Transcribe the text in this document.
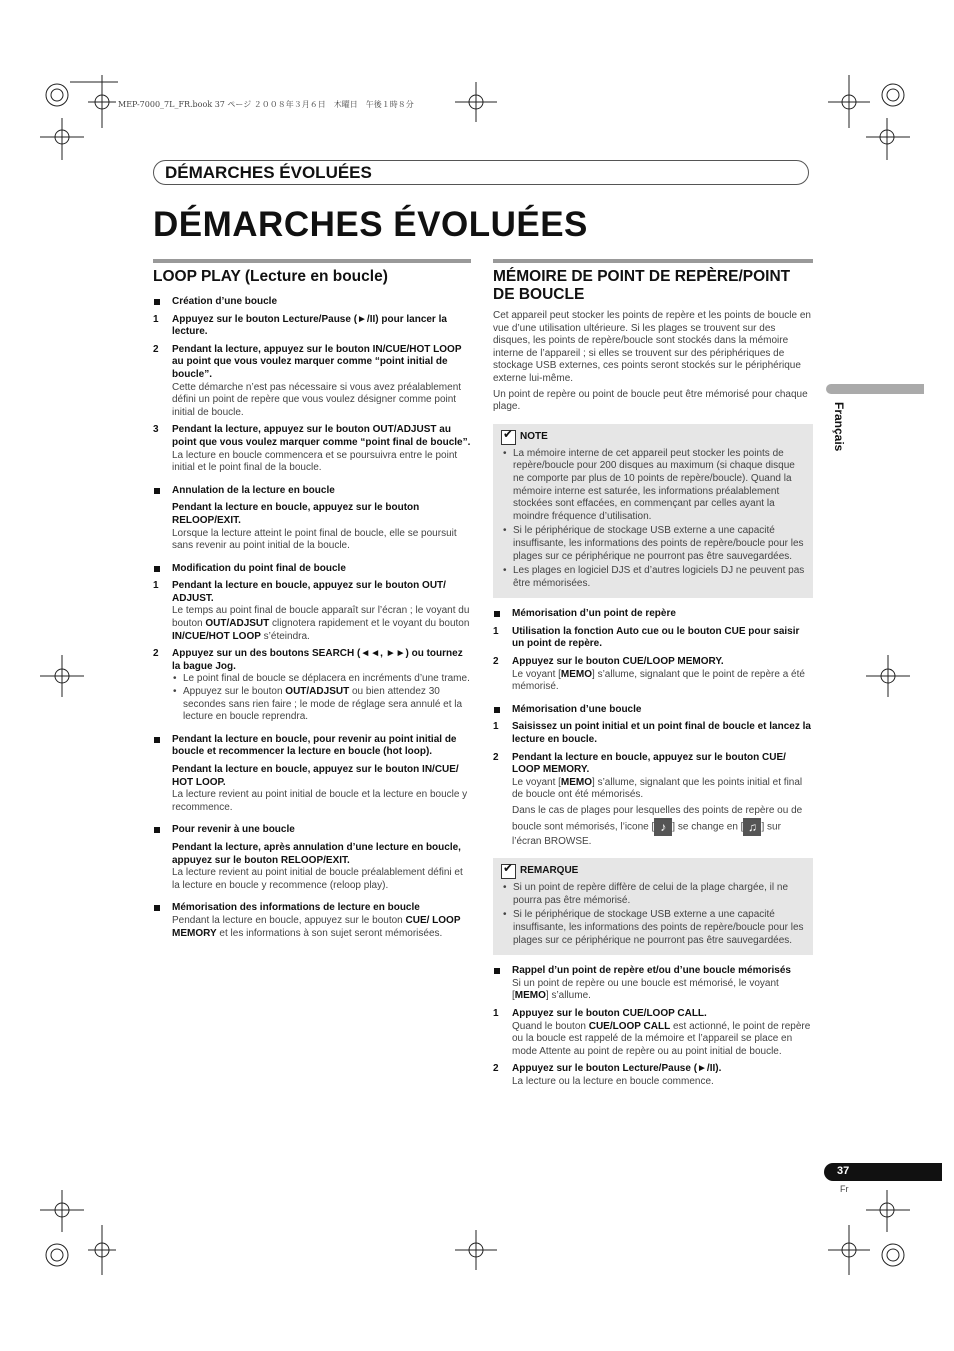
MEP-7000_7L_FR.book 37 ページ ２００８年３月６日　木曜日　午後１時８分
DÉMARCHES ÉVOLUÉES
DÉMARCHES ÉVOLUÉES
LOOP PLAY (Lecture en boucle)

Création d’une boucle

1 Appuyez sur le bouton Lecture/Pause (►/II) pour lancer la lecture.

2 Pendant la lecture, appuyez sur le bouton IN/CUE/HOT LOOP au point que vous voulez marquer comme “point initial de boucle”.

Cette démarche n’est pas nécessaire si vous avez préalablement défini un point de repère que vous voulez désigner comme point initial de boucle.

3 Pendant la lecture, appuyez sur le bouton OUT/ADJUST au point que vous voulez marquer comme “point final de boucle”.

La lecture en boucle commencera et se poursuivra entre le point initial et le point final de la boucle.

Annulation de la lecture en boucle

Pendant la lecture en boucle, appuyez sur le bouton RELOOP/EXIT.

Lorsque la lecture atteint le point final de boucle, elle se poursuit sans revenir au point initial de la boucle.

Modification du point final de boucle

1 Pendant la lecture en boucle, appuyez sur le bouton OUT/ ADJUST.

Le temps au point final de boucle apparaît sur l’écran ; le voyant du bouton OUT/ADJSUT clignotera rapidement et le voyant du bouton IN/CUE/HOT LOOP s’éteindra.

2 Appuyez sur un des boutons SEARCH (◄◄, ►►) ou tournez la bague Jog.

• Le point final de boucle se déplacera en incréments d’une trame.

• Appuyez sur le bouton OUT/ADJSUT ou bien attendez 30 secondes sans rien faire ; le mode de réglage sera annulé et la lecture en boucle reprendra.

Pendant la lecture en boucle, pour revenir au point initial de boucle et recommencer la lecture en boucle (hot loop).

Pendant la lecture en boucle, appuyez sur le bouton IN/CUE/ HOT LOOP.

La lecture revient au point initial de boucle et la lecture en boucle y recommence.

Pour revenir à une boucle

Pendant la lecture, après annulation d’une lecture en boucle, appuyez sur le bouton RELOOP/EXIT.

La lecture revient au point initial de boucle préalablement défini et la lecture en boucle y recommence (reloop play).

Mémorisation des informations de lecture en boucle

Pendant la lecture en boucle, appuyez sur le bouton CUE/ LOOP MEMORY et les informations à son sujet seront mémorisées.

MÉMOIRE DE POINT DE REPÈRE/POINT DE BOUCLE

Cet appareil peut stocker les points de repère et les points de boucle en vue d’une utilisation ultérieure. Si les plages se trouvent sur des disques, les points de repère/boucle sont stockés dans la mémoire interne de l’appareil ; si elles se trouvent sur des périphériques de stockage USB externes, ces points seront stockés sur le périphérique externe lui-même.

Un point de repère ou point de boucle peut être mémorisé pour chaque plage.

✔
NOTE

• La mémoire interne de cet appareil peut stocker les points de repère/boucle pour 200 disques au maximum (si chaque disque ne comporte par plus de 10 points de repère/boucle). Quand la mémoire interne est saturée, les informations préalablement stockées sont effacées, en commençant par celles ayant la moindre fréquence d’utilisation.

• Si le périphérique de stockage USB externe a une capacité insuffisante, les informations des points de repère/boucle pour les plages sur ce périphérique ne pourront pas être sauvegardées.

• Les plages en logiciel DJS et d’autres logiciels DJ ne peuvent pas être mémorisées.

Mémorisation d’un point de repère

1 Utilisation la fonction Auto cue ou le bouton CUE pour saisir un point de repère.

2 Appuyez sur le bouton CUE/LOOP MEMORY.

Le voyant [MEMO] s’allume, signalant que le point de repère a été mémorisé.

Mémorisation d’une boucle

1 Saisissez un point initial et un point final de boucle et lancez la lecture en boucle.

2 Pendant la lecture en boucle, appuyez sur le bouton CUE/ LOOP MEMORY.

Le voyant [MEMO] s’allume, signalant que les points initial et final de boucle ont été mémorisés.

Dans le cas de plages pour lesquelles des points de repère ou de boucle sont mémorisés, l’icone [ ♪ ] se change en [ ♫ ] sur l’écran BROWSE.

✔
REMARQUE

• Si un point de repère diffère de celui de la plage chargée, il ne pourra pas être mémorisé.

• Si le périphérique de stockage USB externe a une capacité insuffisante, les informations des points de repère/boucle pour les plages sur ce périphérique ne pourront pas être sauvegardées.

Rappel d’un point de repère et/ou d’une boucle mémorisés

Si un point de repère ou une boucle est mémorisé, le voyant [MEMO] s’allume.

1 Appuyez sur le bouton CUE/LOOP CALL.

Quand le bouton CUE/LOOP CALL est actionné, le point de repère ou la boucle est rappelé de la mémoire et l’appareil se place en mode Attente au point de repère ou au point initial de boucle.

2 Appuyez sur le bouton Lecture/Pause (►/II).

La lecture ou la lecture en boucle commence.

Français
37
Fr
